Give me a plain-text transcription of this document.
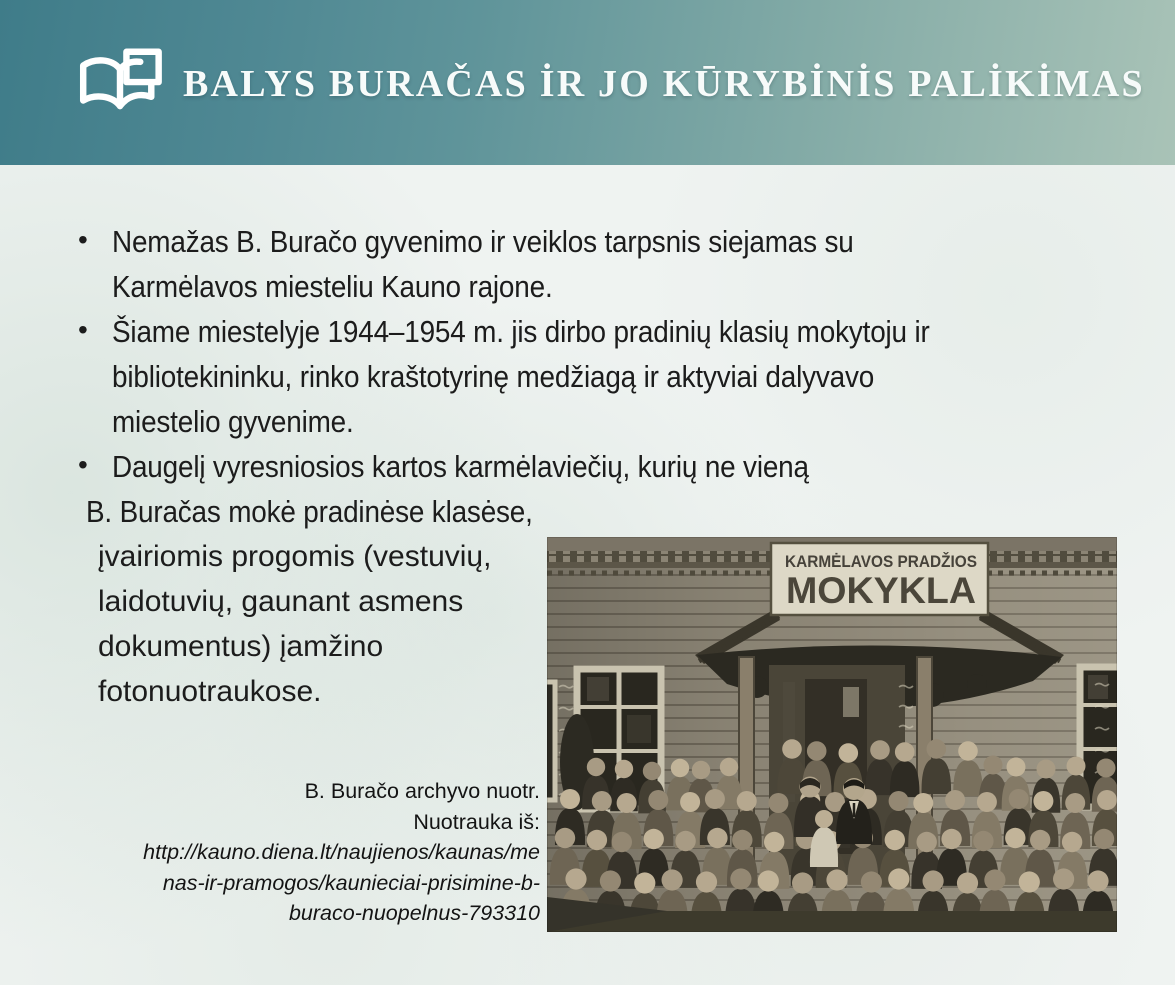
BALYS BURAČAS İR JO KŪRYBİNİS PALİKİMAS
• Nemažas B. Buračo gyvenimo ir veiklos tarpsnis siejamas su
Karmėlavos miesteliu Kauno rajone.
• Šiame miestelyje 1944–1954 m. jis dirbo pradinių klasių mokytoju ir
bibliotekininku, rinko kraštotyrinę medžiagą ir aktyviai dalyvavo
miestelio gyvenime.
• Daugelį vyresniosios kartos karmėlaviečių, kurių ne vieną
B. Buračas mokė pradinėse klasėse,
įvairiomis progomis (vestuvių,
laidotuvių, gaunant asmens
dokumentus) įamžino
fotonuotraukose.
B. Buračo archyvo nuotr.
Nuotrauka iš:
http://kauno.diena.lt/naujienos/kaunas/me
nas-ir-pramogos/kaunieciai-prisimine-b-
buraco-nuopelnus-793310
KARMĖLAVOS PRADŽIOS
MOKYKLA
